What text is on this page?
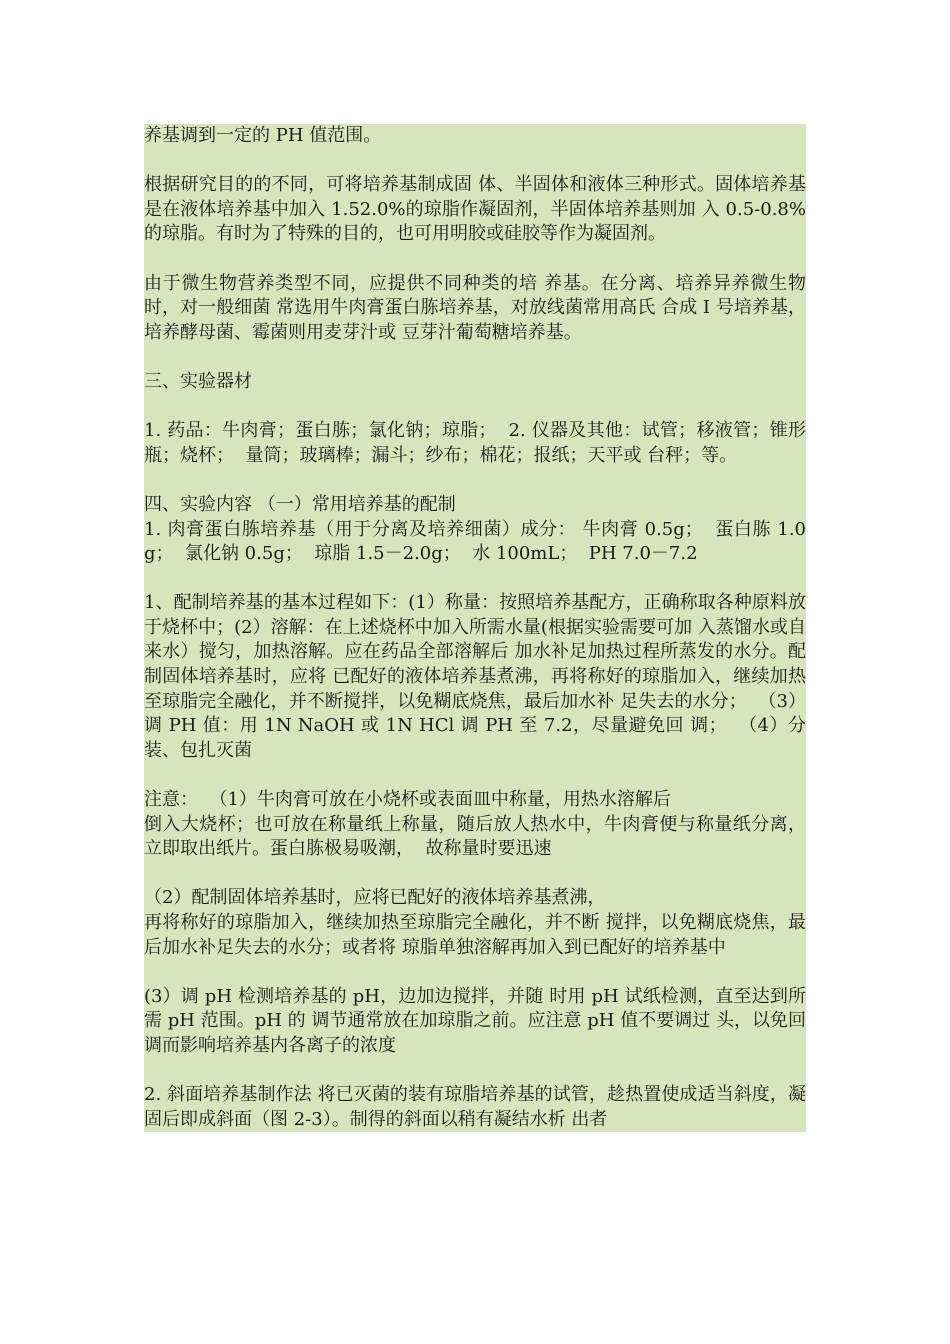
养基调到一定的 PH 值范围。

根据研究目的的不同，可将培养基制成固 体、半固体和液体三种形式。固体培养基是在液体培养基中加入 1.52.0%的琼脂作凝固剂，半固体培养基则加 入 0.5-0.8%的琼脂。有时为了特殊的目的，也可用明胶或硅胶等作为凝固剂。

由于微生物营养类型不同，应提供不同种类的培 养基。在分离、培养异养微生物时，对一般细菌 常选用牛肉膏蛋白胨培养基，对放线菌常用高氏 合成 I 号培养基，培养酵母菌、霉菌则用麦芽汁或 豆芽汁葡萄糖培养基。

三、实验器材

1. 药品：牛肉膏；蛋白胨；氯化钠；琼脂；  2. 仪器及其他：试管；移液管；锥形瓶；烧杯；  量筒；玻璃棒；漏斗；纱布；棉花；报纸；天平或 台秤；等。

四、实验内容 （一）常用培养基的配制
1. 肉膏蛋白胨培养基（用于分离及培养细菌）成分： 牛肉膏 0.5g；  蛋白胨 1.0g；  氯化钠 0.5g；  琼脂 1.5－2.0g；  水 100mL；  PH 7.0－7.2

1、配制培养基的基本过程如下：(1）称量：按照培养基配方，正确称取各种原料放于烧杯中；(2）溶解：在上述烧杯中加入所需水量(根据实验需要可加 入蒸馏水或自来水）搅匀，加热溶解。应在药品全部溶解后 加水补足加热过程所蒸发的水分。配制固体培养基时，应将 已配好的液体培养基煮沸，再将称好的琼脂加入，继续加热 至琼脂完全融化，并不断搅拌，以免糊底烧焦，最后加水补 足失去的水分；  （3）调 PH 值：用 1N NaOH 或 1N HCl 调 PH 至 7.2，尽量避免回 调；  （4）分装、包扎灭菌

注意：  （1）牛肉膏可放在小烧杯或表面皿中称量，用热水溶解后
倒入大烧杯；也可放在称量纸上称量，随后放人热水中，牛肉膏便与称量纸分离，立即取出纸片。蛋白胨极易吸潮，  故称量时要迅速

（2）配制固体培养基时，应将已配好的液体培养基煮沸，
再将称好的琼脂加入，继续加热至琼脂完全融化，并不断 搅拌，以免糊底烧焦，最后加水补足失去的水分；或者将 琼脂单独溶解再加入到已配好的培养基中

(3）调 pH 检测培养基的 pH，边加边搅拌，并随 时用 pH 试纸检测，直至达到所需 pH 范围。pH 的 调节通常放在加琼脂之前。应注意 pH 值不要调过 头，以免回调而影响培养基内各离子的浓度

2. 斜面培养基制作法 将已灭菌的装有琼脂培养基的试管，趁热置使成适当斜度，凝固后即成斜面（图 2-3）。制得的斜面以稍有凝结水析 出者
